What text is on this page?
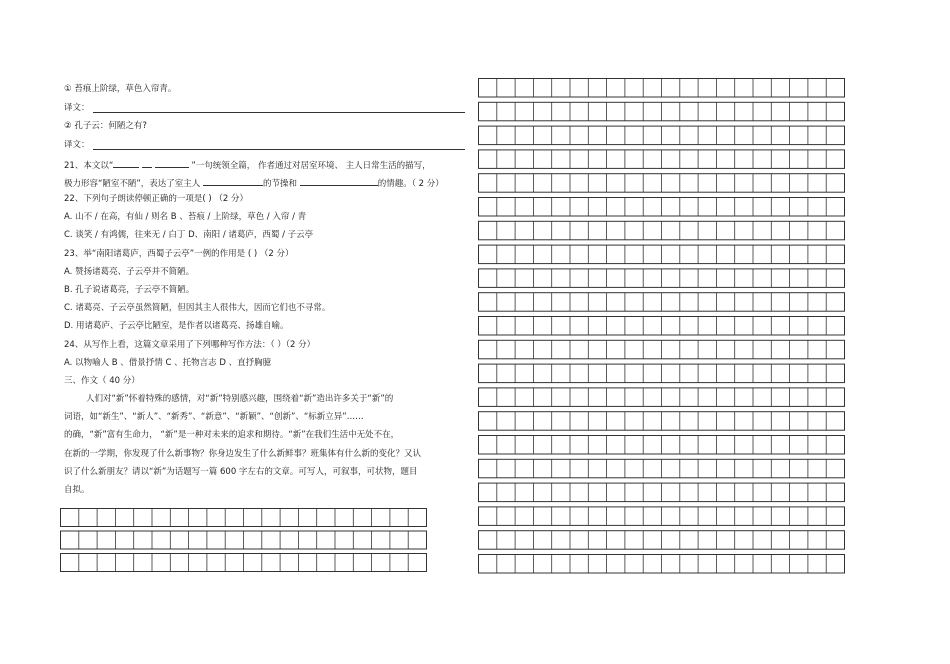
① 苔痕上阶绿，草色入帘青。
译文：
② 孔子云：何陋之有?
译文：
21、本文以“	”一句统领全篇， 作者通过对居室环境、 主人日常生活的描写，
极力形容“陋室不陋”，表达了室主人	的节操和	的情趣。（ 2 分）
22、下列句子朗读停顿正确的一项是( ) （2 分）
A. 山不 / 在高，有仙 / 则名 B 、苔痕 / 上阶绿，草色 / 入帘 / 青
C. 谈笑 / 有鸿儒，往来无 / 白丁 D、南阳 / 诸葛庐，西蜀 / 子云亭
23、举“南阳诸葛庐，西蜀子云亭”一例的作用是 ( ) （2 分）
A. 赞扬诸葛亮、子云亭并不简陋。
B. 孔子说诸葛亮，子云亭不简陋。
C. 诸葛亮、子云亭虽然简陋，但因其主人很伟大，因而它们也不寻常。
D. 用诸葛庐、子云亭比陋室，是作者以诸葛亮、扬雄自喻。
24、从写作上看，这篇文章采用了下列哪种写作方法：（ ）（2 分）
A. 以物喻人 B 、借景抒情 C 、托物言志 D 、直抒胸臆
三、作文（ 40 分）
人们对“新”怀着特殊的感情，对“新”特别感兴趣，围绕着“新”造出许多关于“新”的
词语，如“新生”、“新人”、“新秀”、“新意”、“新颖”、“创新”、“标新立异”……
的确，“新”富有生命力， “新”是一种对未来的追求和期待。“新”在我们生活中无处不在，
在新的一学期，你发现了什么新事物？你身边发生了什么新鲜事？班集体有什么新的变化？又认
识了什么新朋友？请以“新”为话题写一篇 600 字左右的文章。可写人，可叙事，可状物，题目
自拟。
